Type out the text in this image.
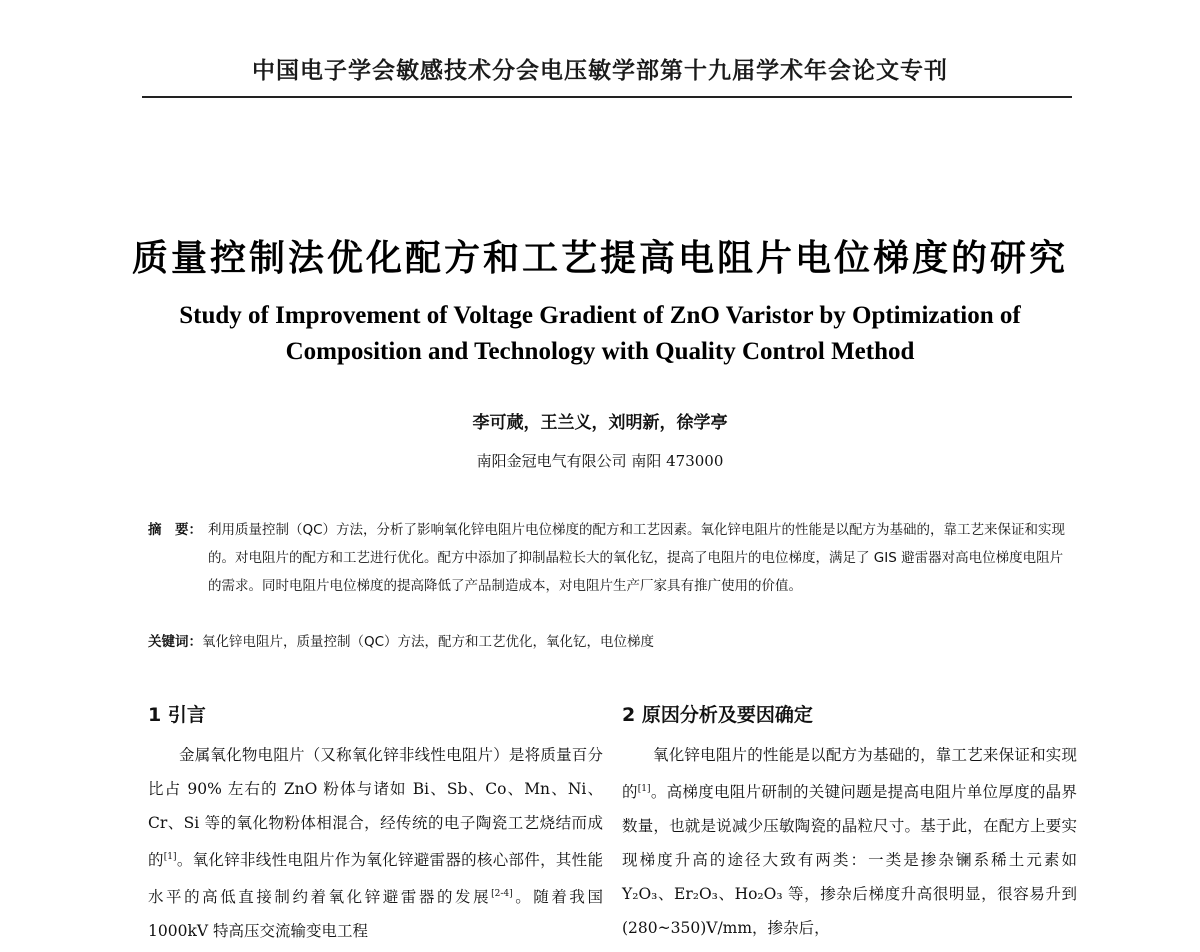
中国电子学会敏感技术分会电压敏学部第十九届学术年会论文专刊
质量控制法优化配方和工艺提高电阻片电位梯度的研究
Study of Improvement of Voltage Gradient of ZnO Varistor by Optimization of
Composition and Technology with Quality Control Method
李可蒇，王兰义，刘明新，徐学亭
南阳金冠电气有限公司 南阳 473000
摘　要： 利用质量控制（QC）方法，分析了影响氧化锌电阻片电位梯度的配方和工艺因素。氧化锌电阻片的性能是以配方为基础的，靠工艺来保证和实现的。对电阻片的配方和工艺进行优化。配方中添加了抑制晶粒长大的氧化钇，提高了电阻片的电位梯度，满足了 GIS 避雷器对高电位梯度电阻片的需求。同时电阻片电位梯度的提高降低了产品制造成本，对电阻片生产厂家具有推广使用的价值。
关键词：氧化锌电阻片，质量控制（QC）方法，配方和工艺优化，氧化钇，电位梯度
1 引言	2 原因分析及要因确定

金属氧化物电阻片（又称氧化锌非线性电阻片）是将质量百分比占 90% 左右的 ZnO 粉体与诸如 Bi、Sb、Co、Mn、Ni、Cr、Si 等的氧化物粉体相混合，经传统的电子陶瓷工艺烧结而成的[1]。氧化锌非线性电阻片作为氧化锌避雷器的核心部件，其性能水平的高低直接制约着氧化锌避雷器的发展[2-4]。随着我国 1000kV 特高压交流输变电工程

氧化锌电阻片的性能是以配方为基础的，靠工艺来保证和实现的[1]。高梯度电阻片研制的关键问题是提高电阻片单位厚度的晶界数量，也就是说减少压敏陶瓷的晶粒尺寸。基于此，在配方上要实现梯度升高的途径大致有两类：一类是掺杂镧系稀土元素如 Y₂O₃、Er₂O₃、Ho₂O₃ 等，掺杂后梯度升高很明显，很容易升到 (280~350)V/mm，掺杂后，
